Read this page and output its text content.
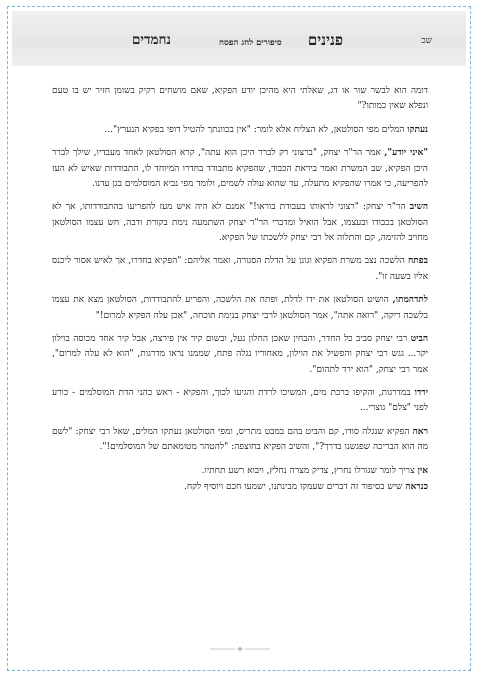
שכ
פנינים
סיפורים לחג הפסח
נחמדים

דומה הוא לבשר שור או דג, שאלתי היא מהיכן יודע הפקיא, שאם מושחים רקיק בשומן חזיר יש בו טעם ונפלא שאין כמותו?"

נעתקו המלים מפי הסולטאן, לא הצליח אלא לומר: "אין בכוונתך להטיל דופי בפקיא הנערץ"...

"איני יודע", אמר הר"ר יצחק, "ברצוני רק לברר היכן הוא עתה", קרא הסולטאן לאחד מעבדיו, שילך לברר היכן הפקיא, שב המשרת ואמר ביראת הכבוד, שהפקיא מתבודד בחדרו המיוחד לו, התבודדות שאיש לא העז להפריעה, כי אמרו שהפקיא מתעלה, עד שהוא עולה לשמים, ולומד מפי נביא המוסלמים בגן עדנו.

השיב הר"ר יצחק: "רצוני לראותו בעבודת בוראו!" אמנם לא היה איש מעז להפריעו בהתבודדותו, אך לא הסולטאן בכבודו ובעצמו, אבל הואיל ומדברי הר"ר יצחק השתמעה נימת בקורת ודבה, חש עצמו הסולטאן מחויב להזימה, קם והתלוה אל רבי יצחק ללשכתו של הפקיא.

בפתח הלשכה נצב משרת הפקיא וגונן על הדלת הסגורה, ואמר אליהם: "הפקיא בחדרו, אך לאיש אסור ליכנס אליו בשעה זו".

לתדהמתו, הושיט הסולטאן את ידו לדלת, ופתח את הלשכה, והפריע להתבודדות, הסולטאן מצא את עצמו בלשכה ריקה, "רואה אתה", אמר הסולטאן לרבי יצחק בנימת תוכחה, "אכן עלה הפקיא למרום!"

הביט רבי יצחק סביב כל החדר, והבחין שאכן החלון נעל, ובשום קיר אין פירצה, אבל קיר אחד מכוסה בוילון יקר... גגש רבי יצחק והפשיל את הוילון, מאחוריו נגלה פתח, שממנו נראו מדרגות, "הוא לא עלה למרום", אמר רבי יצחק, "הוא ירד לתהום".

ירדו במדרגות, והקיפו ברכת מים, המשיכו לרדת והגיעו לכוך, והפקיא - ראש כהני הדת המוסלמים - כורע לפני "צלם" נוצרי...

ראה הפקיא שנגלה סודו, קם והביט בהם במבט מתריס, ומפי הסולטאן נעתקו המלים, שאל רבי יצחק: "לשם מה הוא הבריכה שפגשנו בדרך?", והשיב הפקיא בחוצפה: "להטהר מטומאתם של המוסלמים!".

אין צריך לומר שגורלו נחרץ, צדיק מצרה נחלץ, ויבוא רשע תחתיו.

כנראה שיש בסיפור זה דברים שעמקו מבינתנו, ישמעו חכם ויוסיף לקח.
